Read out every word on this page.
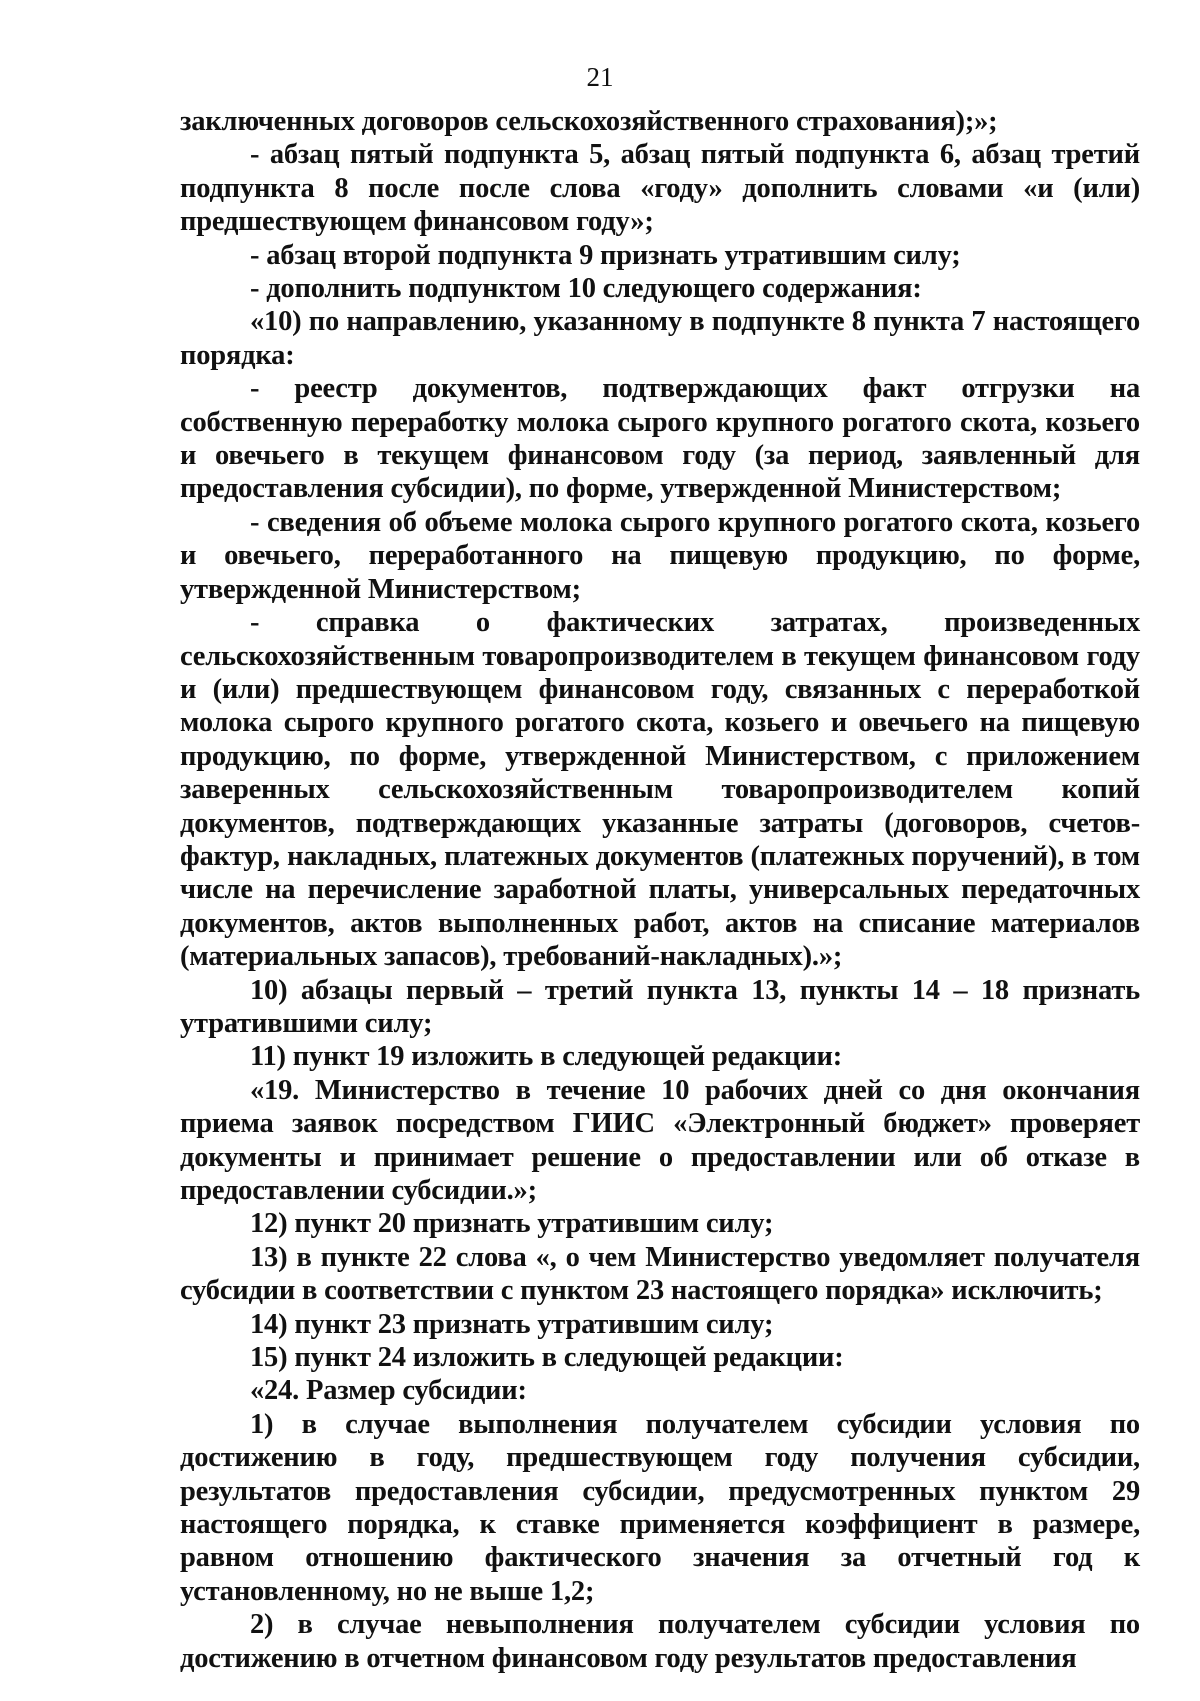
21

заключенных договоров сельскохозяйственного страхования);»;

- абзац пятый подпункта 5, абзац пятый подпункта 6, абзац третий подпункта 8 после после слова «году» дополнить словами «и (или) предшествующем финансовом году»;

- абзац второй подпункта 9 признать утратившим силу;

- дополнить подпунктом 10 следующего содержания:

«10) по направлению, указанному в подпункте 8 пункта 7 настоящего порядка:

- реестр документов, подтверждающих факт отгрузки на собственную переработку молока сырого крупного рогатого скота, козьего и овечьего в текущем финансовом году (за период, заявленный для предоставления субсидии), по форме, утвержденной Министерством;

- сведения об объеме молока сырого крупного рогатого скота, козьего и овечьего, переработанного на пищевую продукцию, по форме, утвержденной Министерством;

- справка о фактических затратах, произведенных сельскохозяйственным товаропроизводителем в текущем финансовом году и (или) предшествующем финансовом году, связанных с переработкой молока сырого крупного рогатого скота, козьего и овечьего на пищевую продукцию, по форме, утвержденной Министерством, с приложением заверенных сельскохозяйственным товаропроизводителем копий документов, подтверждающих указанные затраты (договоров, счетов-фактур, накладных, платежных документов (платежных поручений), в том числе на перечисление заработной платы, универсальных передаточных документов, актов выполненных работ, актов на списание материалов (материальных запасов), требований-накладных).»;

10) абзацы первый – третий пункта 13, пункты 14 – 18 признать утратившими силу;

11) пункт 19 изложить в следующей редакции:

«19. Министерство в течение 10 рабочих дней со дня окончания приема заявок посредством ГИИС «Электронный бюджет» проверяет документы и принимает решение о предоставлении или об отказе в предоставлении субсидии.»;

12) пункт 20 признать утратившим силу;

13) в пункте 22 слова «, о чем Министерство уведомляет получателя субсидии в соответствии с пунктом 23 настоящего порядка» исключить;

14) пункт 23 признать утратившим силу;

15) пункт 24 изложить в следующей редакции:

«24. Размер субсидии:

1) в случае выполнения получателем субсидии условия по достижению в году, предшествующем году получения субсидии, результатов предоставления субсидии, предусмотренных пунктом 29 настоящего порядка, к ставке применяется коэффициент в размере, равном отношению фактического значения за отчетный год к установленному, но не выше 1,2;

2) в случае невыполнения получателем субсидии условия по достижению в отчетном финансовом году результатов предоставления
